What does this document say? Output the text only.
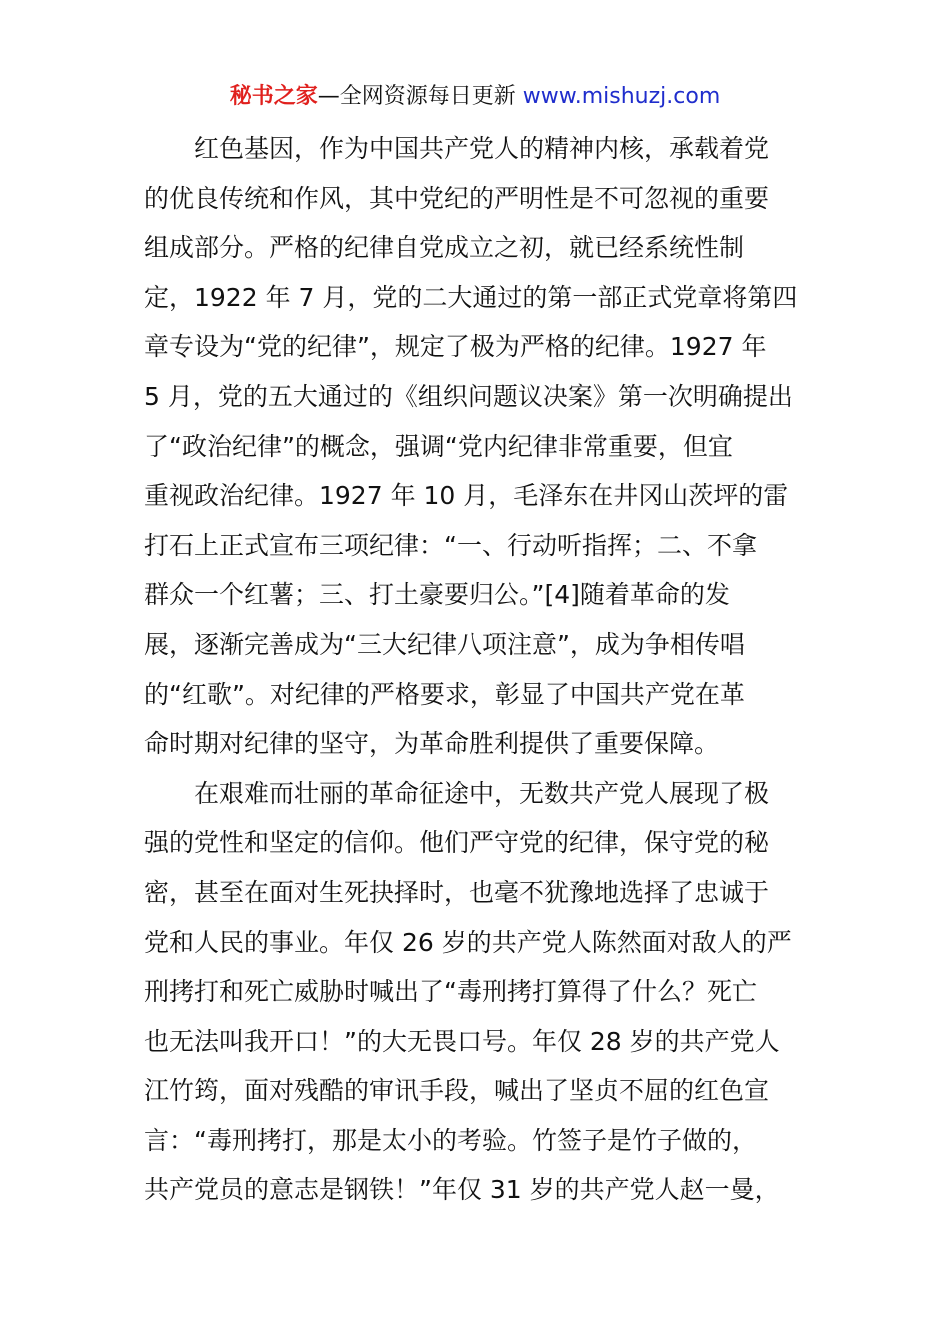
秘书之家—全网资源每日更新 www.mishuzj.com

红色基因，作为中国共产党人的精神内核，承载着党
的优良传统和作风，其中党纪的严明性是不可忽视的重要
组成部分。严格的纪律自党成立之初，就已经系统性制
定，1922 年 7 月，党的二大通过的第一部正式党章将第四
章专设为“党的纪律”，规定了极为严格的纪律。1927 年
5 月，党的五大通过的《组织问题议决案》第一次明确提出
了“政治纪律”的概念，强调“党内纪律非常重要，但宜
重视政治纪律。1927 年 10 月，毛泽东在井冈山茨坪的雷
打石上正式宣布三项纪律：“一、行动听指挥；二、不拿
群众一个红薯；三、打土豪要归公。”[4]随着革命的发
展，逐渐完善成为“三大纪律八项注意”，成为争相传唱
的“红歌”。对纪律的严格要求，彰显了中国共产党在革
命时期对纪律的坚守，为革命胜利提供了重要保障。

在艰难而壮丽的革命征途中，无数共产党人展现了极
强的党性和坚定的信仰。他们严守党的纪律，保守党的秘
密，甚至在面对生死抉择时，也毫不犹豫地选择了忠诚于
党和人民的事业。年仅 26 岁的共产党人陈然面对敌人的严
刑拷打和死亡威胁时喊出了“毒刑拷打算得了什么？死亡
也无法叫我开口！”的大无畏口号。年仅 28 岁的共产党人
江竹筠，面对残酷的审讯手段，喊出了坚贞不屈的红色宣
言：“毒刑拷打，那是太小的考验。竹签子是竹子做的，
共产党员的意志是钢铁！”年仅 31 岁的共产党人赵一曼，
